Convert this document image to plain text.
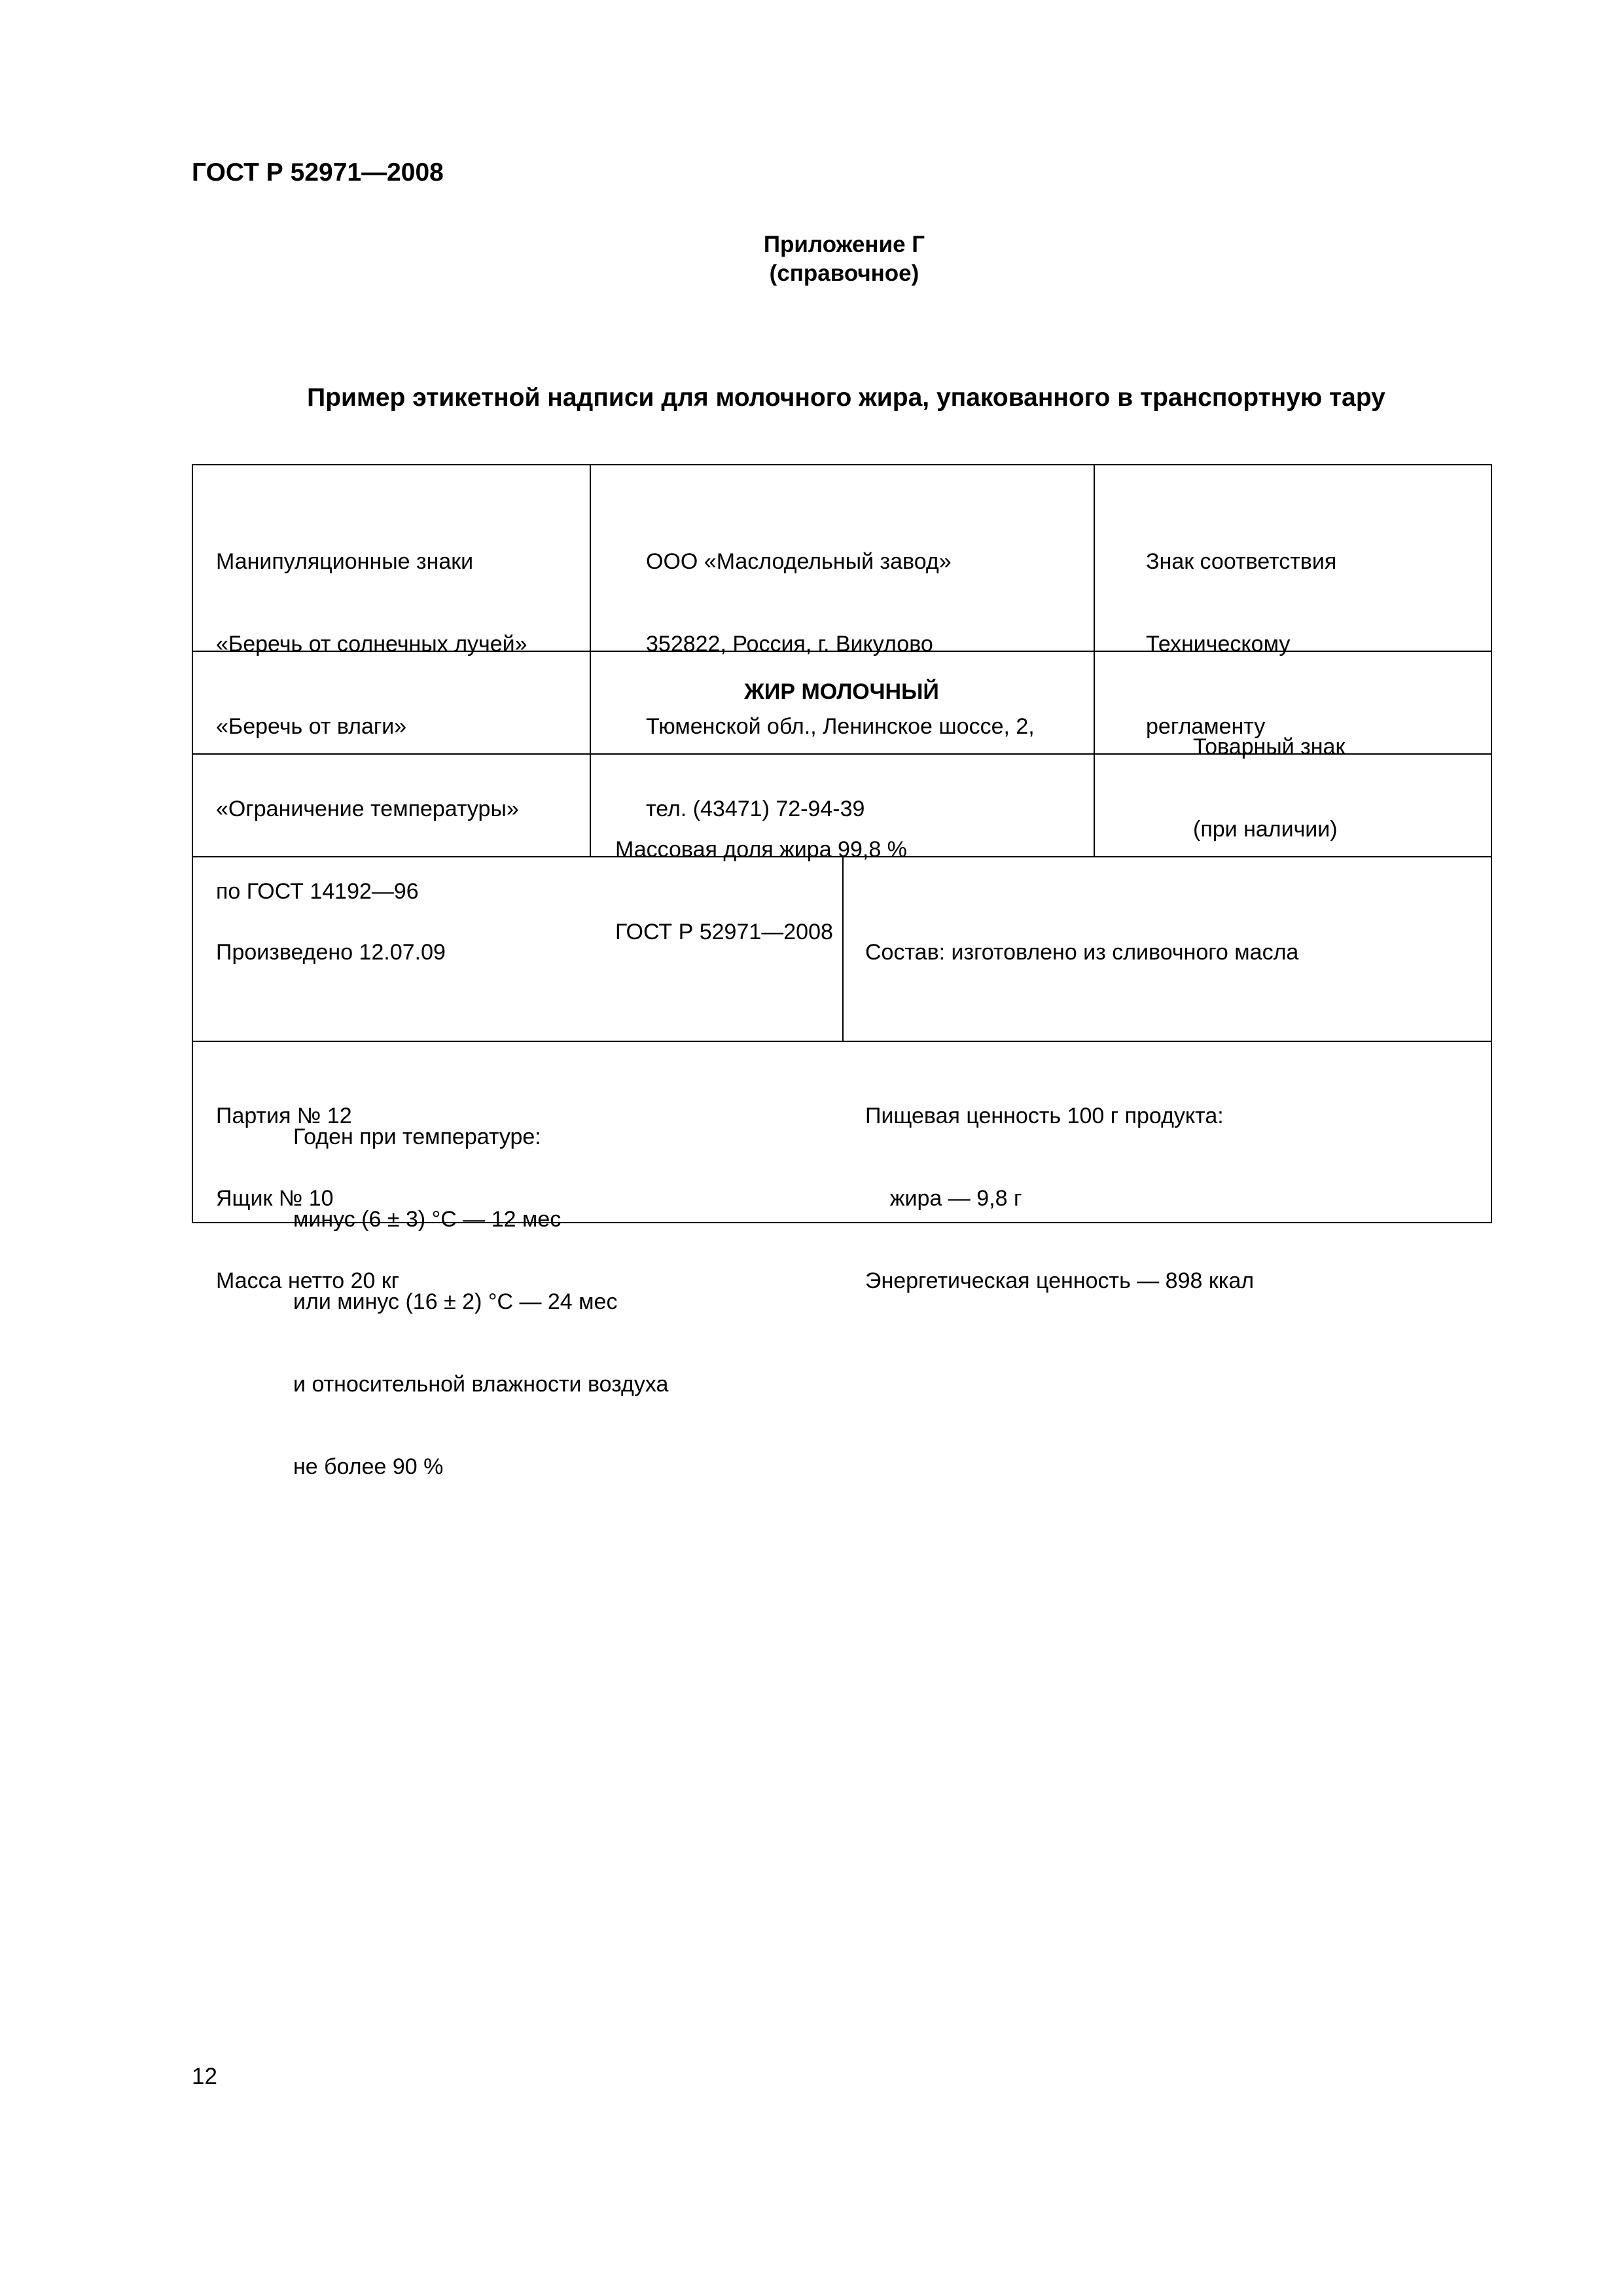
ГОСТ Р 52971—2008
Приложение Г
(справочное)
Пример этикетной надписи для молочного жира, упакованного в транспортную тару

Манипуляционные знаки

«Беречь от солнечных лучей»

«Беречь от влаги»

«Ограничение температуры»

по ГОСТ 14192—96

ООО «Маслодельный завод»

352822, Россия, г. Викулово

Тюменской обл., Ленинское шоссе, 2,

тел. (43471) 72-94-39

Знак соответствия

Техническому

регламенту

ЖИР МОЛОЧНЫЙ

Товарный знак

(при наличии)

Массовая доля жира 99,8 %

ГОСТ Р 52971—2008

Произведено 12.07.09

Партия № 12

Ящик № 10

Масса нетто 20 кг

Состав: изготовлено из сливочного масла

Пищевая ценность 100 г продукта:

жира — 9,8 г

Энергетическая ценность — 898 ккал

Годен при температуре:

минус (6 ± 3) °С — 12 мес

или минус (16 ± 2) °С — 24 мес

и относительной влажности воздуха

не более 90 %

12
